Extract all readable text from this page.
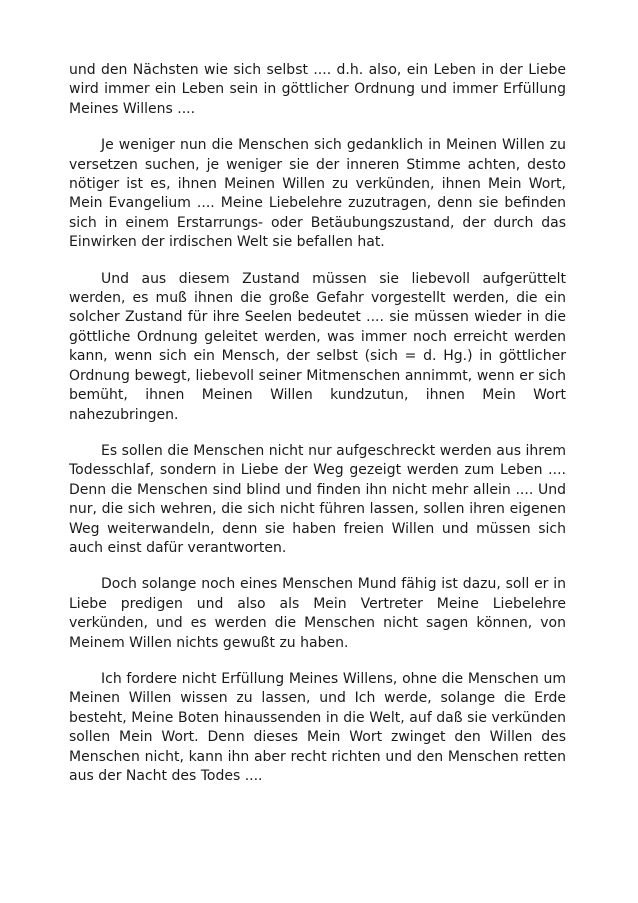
und den Nächsten wie sich selbst .... d.h. also, ein Leben in der Liebe wird immer ein Leben sein in göttlicher Ordnung und immer Erfüllung Meines Willens ....

Je weniger nun die Menschen sich gedanklich in Meinen Willen zu versetzen suchen, je weniger sie der inneren Stimme achten, desto nötiger ist es, ihnen Meinen Willen zu verkünden, ihnen Mein Wort, Mein Evangelium .... Meine Liebelehre zuzutragen, denn sie befinden sich in einem Erstarrungs- oder Betäubungszustand, der durch das Einwirken der irdischen Welt sie befallen hat.

Und aus diesem Zustand müssen sie liebevoll aufgerüttelt werden, es muß ihnen die große Gefahr vorgestellt werden, die ein solcher Zustand für ihre Seelen bedeutet .... sie müssen wieder in die göttliche Ordnung geleitet werden, was immer noch erreicht werden kann, wenn sich ein Mensch, der selbst (sich = d. Hg.) in göttlicher Ordnung bewegt, liebevoll seiner Mitmenschen annimmt, wenn er sich bemüht, ihnen Meinen Willen kundzutun, ihnen Mein Wort nahezubringen.

Es sollen die Menschen nicht nur aufgeschreckt werden aus ihrem Todesschlaf, sondern in Liebe der Weg gezeigt werden zum Leben .... Denn die Menschen sind blind und finden ihn nicht mehr allein .... Und nur, die sich wehren, die sich nicht führen lassen, sollen ihren eigenen Weg weiterwandeln, denn sie haben freien Willen und müssen sich auch einst dafür verantworten.

Doch solange noch eines Menschen Mund fähig ist dazu, soll er in Liebe predigen und also als Mein Vertreter Meine Liebelehre verkünden, und es werden die Menschen nicht sagen können, von Meinem Willen nichts gewußt zu haben.

Ich fordere nicht Erfüllung Meines Willens, ohne die Menschen um Meinen Willen wissen zu lassen, und Ich werde, solange die Erde besteht, Meine Boten hinaussenden in die Welt, auf daß sie verkünden sollen Mein Wort. Denn dieses Mein Wort zwinget den Willen des Menschen nicht, kann ihn aber recht richten und den Menschen retten aus der Nacht des Todes ....
